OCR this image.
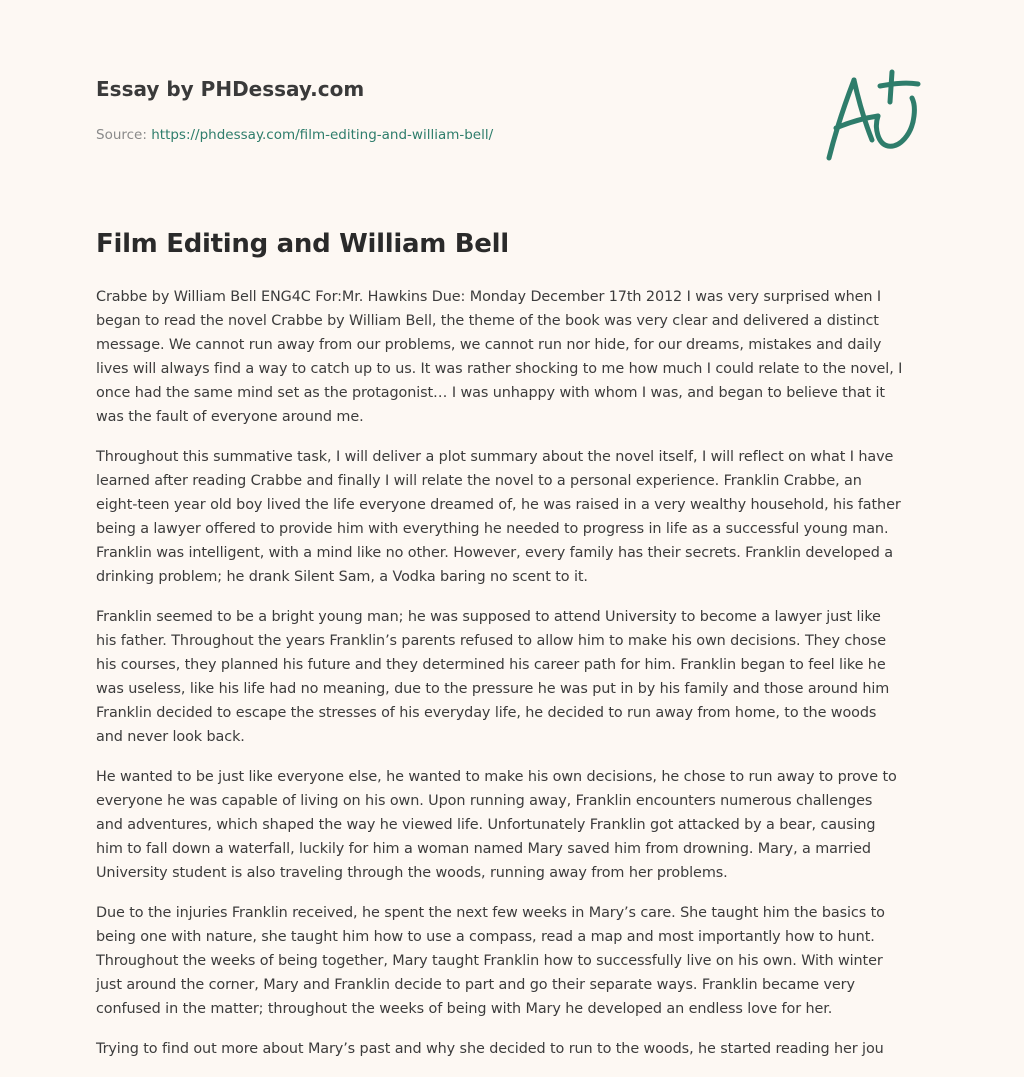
Essay by PHDessay.com
Source: https://phdessay.com/film-editing-and-william-bell/
Film Editing and William Bell

Crabbe by William Bell ENG4C For:Mr. Hawkins Due: Monday December 17th 2012 I was very surprised when I
began to read the novel Crabbe by William Bell, the theme of the book was very clear and delivered a distinct
message. We cannot run away from our problems, we cannot run nor hide, for our dreams, mistakes and daily
lives will always find a way to catch up to us. It was rather shocking to me how much I could relate to the novel, I
once had the same mind set as the protagonist… I was unhappy with whom I was, and began to believe that it
was the fault of everyone around me.

Throughout this summative task, I will deliver a plot summary about the novel itself, I will reflect on what I have
learned after reading Crabbe and finally I will relate the novel to a personal experience. Franklin Crabbe, an
eight-teen year old boy lived the life everyone dreamed of, he was raised in a very wealthy household, his father
being a lawyer offered to provide him with everything he needed to progress in life as a successful young man.
Franklin was intelligent, with a mind like no other. However, every family has their secrets. Franklin developed a
drinking problem; he drank Silent Sam, a Vodka baring no scent to it.

Franklin seemed to be a bright young man; he was supposed to attend University to become a lawyer just like
his father. Throughout the years Franklin’s parents refused to allow him to make his own decisions. They chose
his courses, they planned his future and they determined his career path for him. Franklin began to feel like he
was useless, like his life had no meaning, due to the pressure he was put in by his family and those around him
Franklin decided to escape the stresses of his everyday life, he decided to run away from home, to the woods
and never look back.

He wanted to be just like everyone else, he wanted to make his own decisions, he chose to run away to prove to
everyone he was capable of living on his own. Upon running away, Franklin encounters numerous challenges
and adventures, which shaped the way he viewed life. Unfortunately Franklin got attacked by a bear, causing
him to fall down a waterfall, luckily for him a woman named Mary saved him from drowning. Mary, a married
University student is also traveling through the woods, running away from her problems.

Due to the injuries Franklin received, he spent the next few weeks in Mary’s care. She taught him the basics to
being one with nature, she taught him how to use a compass, read a map and most importantly how to hunt.
Throughout the weeks of being together, Mary taught Franklin how to successfully live on his own. With winter
just around the corner, Mary and Franklin decide to part and go their separate ways. Franklin became very
confused in the matter; throughout the weeks of being with Mary he developed an endless love for her.

Trying to find out more about Mary’s past and why she decided to run to the woods, he started reading her jou
